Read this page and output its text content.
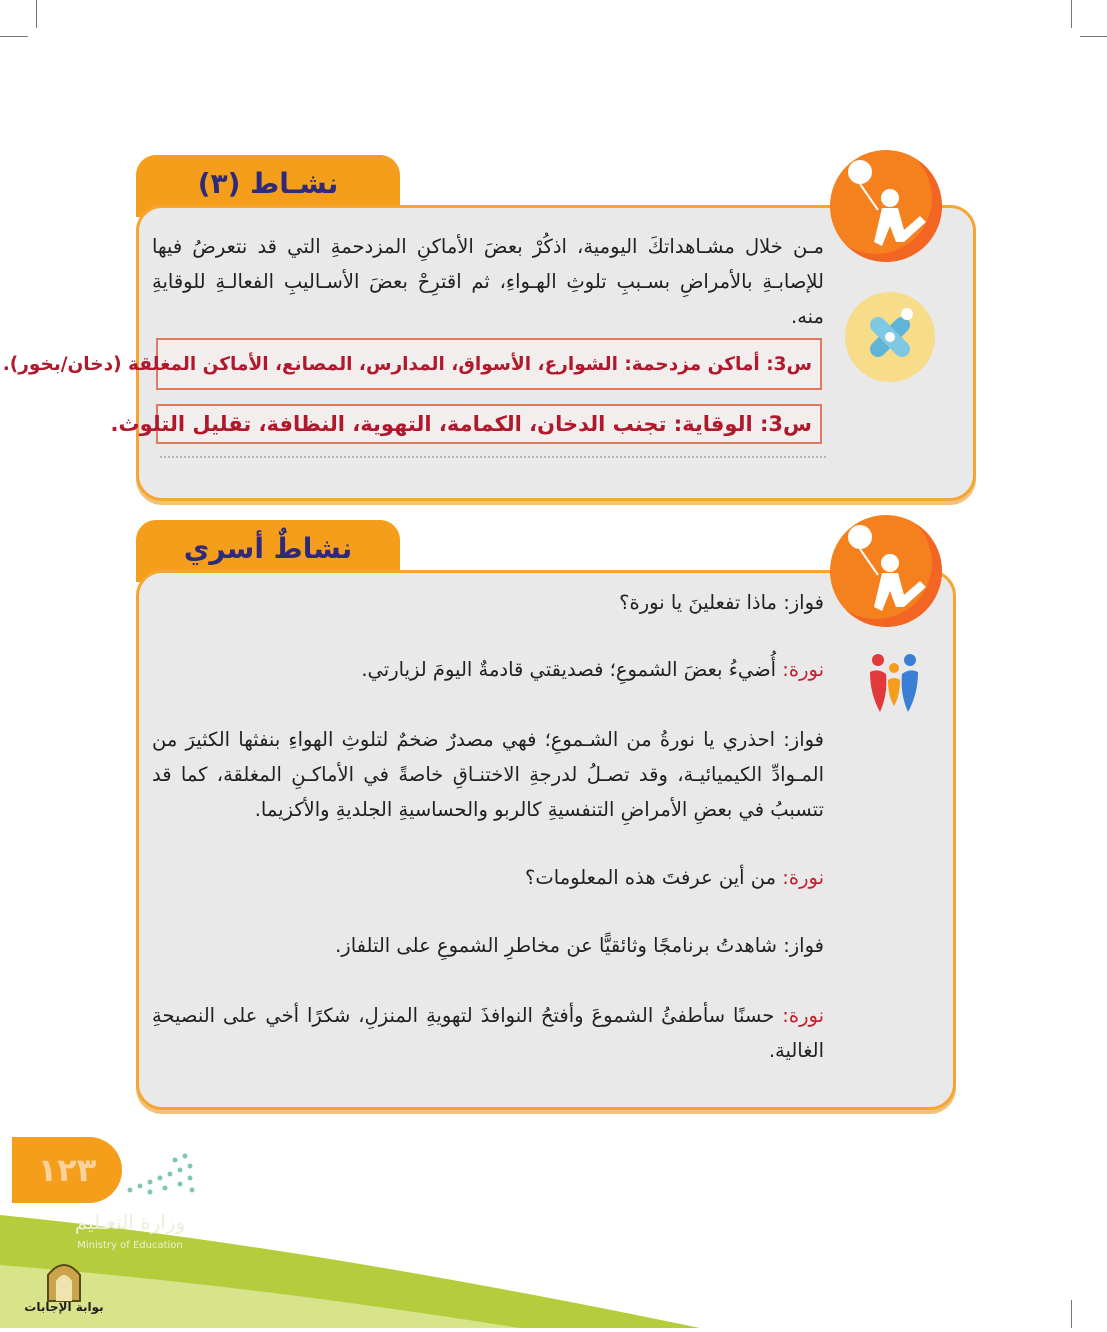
نشـاط (٣)
مـن خلال مشـاهداتكَ اليومية، اذكُرْ بعضَ الأماكنِ المزدحمةِ التي قد نتعرضُ فيها للإصابـةِ بالأمراضِ بسـببِ تلوثِ الهـواءِ، ثم اقترِحْ بعضَ الأسـاليبِ الفعالـةِ للوقايةِ منه.
س3: أماكن مزدحمة: الشوارع، الأسواق، المدارس، المصانع، الأماكن المغلقة (دخان/بخور).
س3: الوقاية: تجنب الدخان، الكمامة، التهوية، النظافة، تقليل التلوث.
نشاطٌ أسري
فواز: ماذا تفعلينَ يا نورة؟
نورة: أُضيءُ بعضَ الشموعِ؛ فصديقتي قادمةٌ اليومَ لزيارتي.
فواز: احذري يا نورةُ من الشـموعِ؛ فهي مصدرٌ ضخمٌ لتلوثِ الهواءِ بنفثها الكثيرَ من المـوادِّ الكيميائيـة، وقد تصـلُ لدرجةِ الاختنـاقِ خاصةً في الأماكـنِ المغلقة، كما قد تتسببُ في بعضِ الأمراضِ التنفسيةِ كالربو والحساسيةِ الجلديةِ والأكزيما.
نورة: من أين عرفتَ هذه المعلومات؟
فواز: شاهدتُ برنامجًا وثائقيًّا عن مخاطرِ الشموعِ على التلفاز.
نورة: حسنًا سأطفئُ الشموعَ وأفتحُ النوافذَ لتهويةِ المنزلِ، شكرًا أخي على النصيحةِ الغالية.
١٢٣
وزارة التعـليم
Ministry of Education
بوابة الإجابات
